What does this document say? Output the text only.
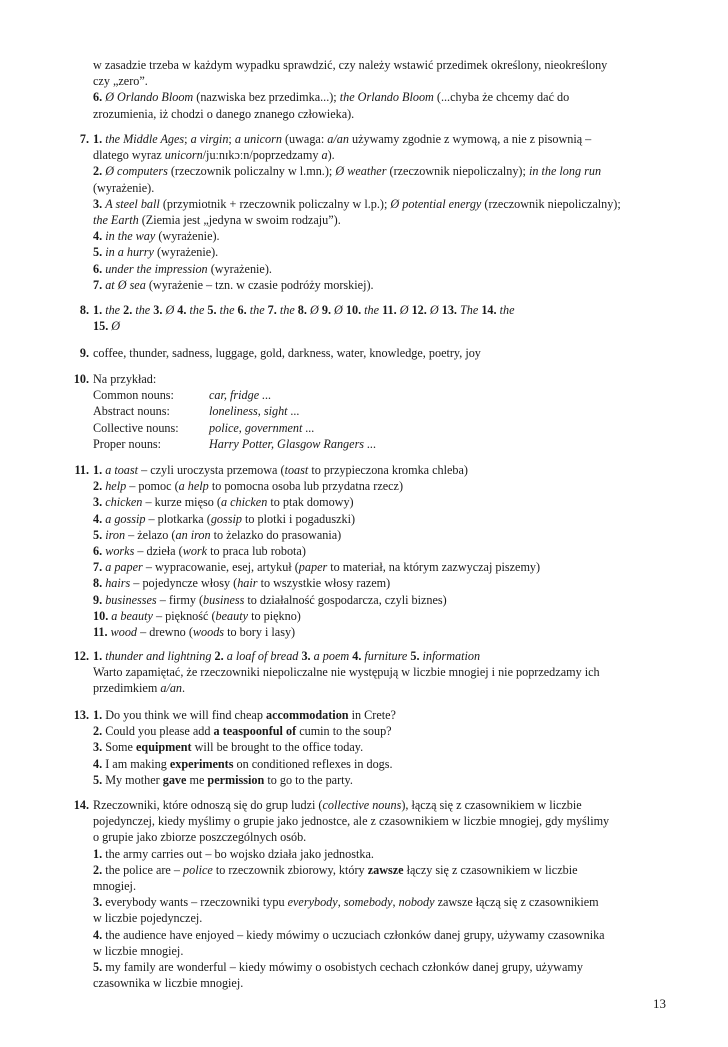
w zasadzie trzeba w każdym wypadku sprawdzić, czy należy wstawić przedimek określony, nieokreślony
czy „zero”.
6. Ø Orlando Bloom (nazwiska bez przedimka...); the Orlando Bloom (...chyba że chcemy dać do
zrozumienia, iż chodzi o danego znanego człowieka).
7. 1. the Middle Ages; a virgin; a unicorn (uwaga: a/an używamy zgodnie z wymową, a nie z pisownią –
dlatego wyraz unicorn/juːnɪkɔːn/poprzedzamy a).
2. Ø computers (rzeczownik policzalny w l.mn.); Ø weather (rzeczownik niepoliczalny); in the long run
(wyrażenie).
3. A steel ball (przymiotnik + rzeczownik policzalny w l.p.); Ø potential energy (rzeczownik niepoliczalny);
the Earth (Ziemia jest „jedyna w swoim rodzaju”).
4. in the way (wyrażenie).
5. in a hurry (wyrażenie).
6. under the impression (wyrażenie).
7. at Ø sea (wyrażenie – tzn. w czasie podróży morskiej).
8. 1. the 2. the 3. Ø 4. the 5. the 6. the 7. the 8. Ø 9. Ø 10. the 11. Ø 12. Ø 13. The 14. the
15. Ø
9. coffee, thunder, sadness, luggage, gold, darkness, water, knowledge, poetry, joy
10. Na przykład:
Common nouns:	car, fridge ...
Abstract nouns:	loneliness, sight ...
Collective nouns:	police, government ...
Proper nouns:	Harry Potter, Glasgow Rangers ...
11. 1. a toast – czyli uroczysta przemowa (toast to przypieczona kromka chleba)
2. help – pomoc (a help to pomocna osoba lub przydatna rzecz)
3. chicken – kurze mięso (a chicken to ptak domowy)
4. a gossip – plotkarka (gossip to plotki i pogaduszki)
5. iron – żelazo (an iron to żelazko do prasowania)
6. works – dzieła (work to praca lub robota)
7. a paper – wypracowanie, esej, artykuł (paper to materiał, na którym zazwyczaj piszemy)
8. hairs – pojedyncze włosy (hair to wszystkie włosy razem)
9. businesses – firmy (business to działalność gospodarcza, czyli biznes)
10. a beauty – piękność (beauty to piękno)
11. wood – drewno (woods to bory i lasy)
12. 1. thunder and lightning 2. a loaf of bread 3. a poem 4. furniture 5. information
Warto zapamiętać, że rzeczowniki niepoliczalne nie występują w liczbie mnogiej i nie poprzedzamy ich
przedimkiem a/an.
13. 1. Do you think we will find cheap accommodation in Crete?
2. Could you please add a teaspoonful of cumin to the soup?
3. Some equipment will be brought to the office today.
4. I am making experiments on conditioned reflexes in dogs.
5. My mother gave me permission to go to the party.
14. Rzeczowniki, które odnoszą się do grup ludzi (collective nouns), łączą się z czasownikiem w liczbie
pojedynczej, kiedy myślimy o grupie jako jednostce, ale z czasownikiem w liczbie mnogiej, gdy myślimy
o grupie jako zbiorze poszczególnych osób.
1. the army carries out – bo wojsko działa jako jednostka.
2. the police are – police to rzeczownik zbiorowy, który zawsze łączy się z czasownikiem w liczbie
mnogiej.
3. everybody wants – rzeczowniki typu everybody, somebody, nobody zawsze łączą się z czasownikiem
w liczbie pojedynczej.
4. the audience have enjoyed – kiedy mówimy o uczuciach członków danej grupy, używamy czasownika
w liczbie mnogiej.
5. my family are wonderful – kiedy mówimy o osobistych cechach członków danej grupy, używamy
czasownika w liczbie mnogiej.
13
